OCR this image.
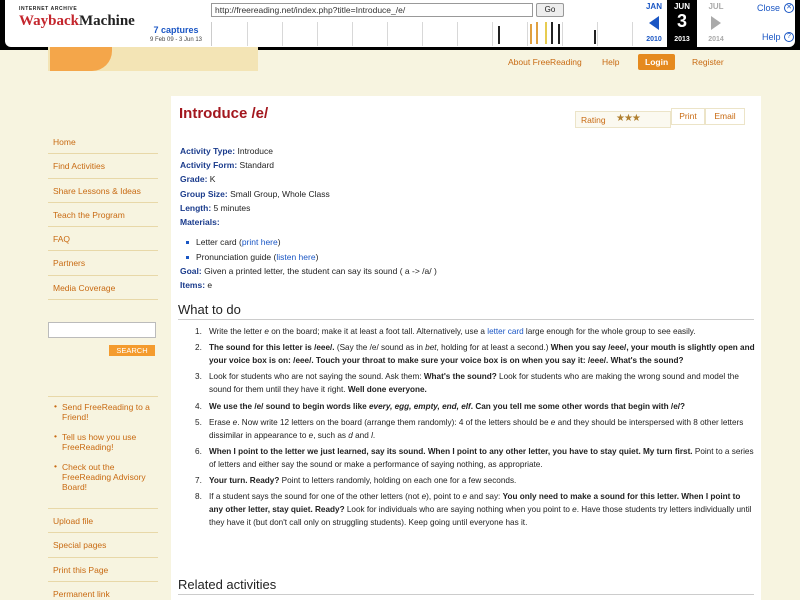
INTERNET ARCHIVE
WaybackMachine
http://freereading.net/index.php?title=Introduce_/e/
Go
7 captures
9 Feb 09 - 3 Jun 13
JAN	JUN	JUL
3
2010	2013	2014
Close ✕
Help ?
About FreeReading Help	Login	Register
Home
Find Activities
Share Lessons & Ideas
Teach the Program
FAQ
Partners
Media Coverage
SEARCH
• Send FreeReading to a Friend!
• Tell us how you use FreeReading!
• Check out the FreeReading Advisory Board!
Upload file
Special pages
Print this Page
Permanent link
Introduce /e/	Rating ★★★	Print	Email
Activity Type: Introduce
Activity Form: Standard
Grade: K
Group Size: Small Group, Whole Class
Length: 5 minutes
Materials:
Letter card (print here)
Pronunciation guide (listen here)
Goal: Given a printed letter, the student can say its sound ( a -> /a/ )
Items: e
What to do
Write the letter e on the board; make it at least a foot tall. Alternatively, use a letter card large enough for the whole group to see easily.
The sound for this letter is /eee/. (Say the /e/ sound as in bet, holding for at least a second.) When you say /eee/, your mouth is slightly open and your voice box is on: /eee/. Touch your throat to make sure your voice box is on when you say it: /eee/. What's the sound?
Look for students who are not saying the sound. Ask them: What's the sound? Look for students who are making the wrong sound and model the sound for them until they have it right. Well done everyone.
We use the /e/ sound to begin words like every, egg, empty, end, elf. Can you tell me some other words that begin with /e/?
Erase e. Now write 12 letters on the board (arrange them randomly): 4 of the letters should be e and they should be interspersed with 8 other letters dissimilar in appearance to e, such as d and l.
When I point to the letter we just learned, say its sound. When I point to any other letter, you have to stay quiet. My turn first. Point to a series of letters and either say the sound or make a performance of saying nothing, as appropriate.
Your turn. Ready? Point to letters randomly, holding on each one for a few seconds.
If a student says the sound for one of the other letters (not e), point to e and say: You only need to make a sound for this letter. When I point to any other letter, stay quiet. Ready? Look for individuals who are saying nothing when you point to e. Have those students try letters individually until they have it (but don't call only on struggling students). Keep going until everyone has it.
Related activities
